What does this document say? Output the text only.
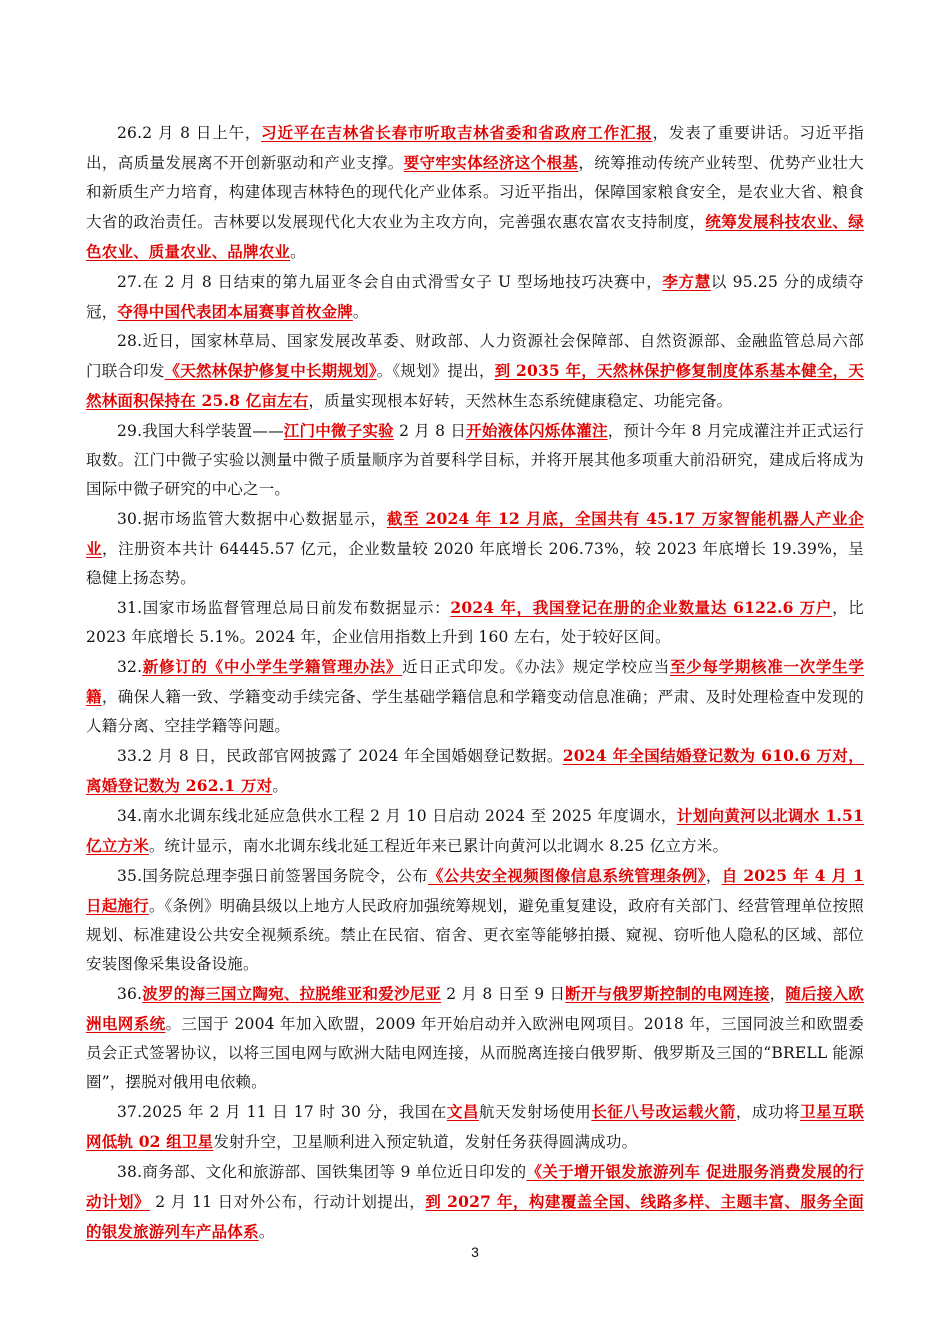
26.2 月 8 日上午，习近平在吉林省长春市听取吉林省委和省政府工作汇报，发表了重要讲话。习近平指出，高质量发展离不开创新驱动和产业支撑。要守牢实体经济这个根基，统筹推动传统产业转型、优势产业壮大和新质生产力培育，构建体现吉林特色的现代化产业体系。习近平指出，保障国家粮食安全，是农业大省、粮食大省的政治责任。吉林要以发展现代化大农业为主攻方向，完善强农惠农富农支持制度，统筹发展科技农业、绿色农业、质量农业、品牌农业。

27.在 2 月 8 日结束的第九届亚冬会自由式滑雪女子 U 型场地技巧决赛中，李方慧以 95.25 分的成绩夺冠，夺得中国代表团本届赛事首枚金牌。

28.近日，国家林草局、国家发展改革委、财政部、人力资源社会保障部、自然资源部、金融监管总局六部门联合印发《天然林保护修复中长期规划》。《规划》提出，到 2035 年，天然林保护修复制度体系基本健全，天然林面积保持在 25.8 亿亩左右，质量实现根本好转，天然林生态系统健康稳定、功能完备。

29.我国大科学装置——江门中微子实验 2 月 8 日开始液体闪烁体灌注，预计今年 8 月完成灌注并正式运行取数。江门中微子实验以测量中微子质量顺序为首要科学目标，并将开展其他多项重大前沿研究，建成后将成为国际中微子研究的中心之一。

30.据市场监管大数据中心数据显示，截至 2024 年 12 月底，全国共有 45.17 万家智能机器人产业企业，注册资本共计 64445.57 亿元，企业数量较 2020 年底增长 206.73%，较 2023 年底增长 19.39%，呈稳健上扬态势。

31.国家市场监督管理总局日前发布数据显示：2024 年，我国登记在册的企业数量达 6122.6 万户，比 2023 年底增长 5.1%。2024 年，企业信用指数上升到 160 左右，处于较好区间。

32.新修订的《中小学生学籍管理办法》近日正式印发。《办法》规定学校应当至少每学期核准一次学生学籍，确保人籍一致、学籍变动手续完备、学生基础学籍信息和学籍变动信息准确；严肃、及时处理检查中发现的人籍分离、空挂学籍等问题。

33.2 月 8 日，民政部官网披露了 2024 年全国婚姻登记数据。2024 年全国结婚登记数为 610.6 万对，离婚登记数为 262.1 万对。

34.南水北调东线北延应急供水工程 2 月 10 日启动 2024 至 2025 年度调水，计划向黄河以北调水 1.51 亿立方米。统计显示，南水北调东线北延工程近年来已累计向黄河以北调水 8.25 亿立方米。

35.国务院总理李强日前签署国务院令，公布《公共安全视频图像信息系统管理条例》，自 2025 年 4 月 1 日起施行。《条例》明确县级以上地方人民政府加强统筹规划，避免重复建设，政府有关部门、经营管理单位按照规划、标准建设公共安全视频系统。禁止在民宿、宿舍、更衣室等能够拍摄、窥视、窃听他人隐私的区域、部位安装图像采集设备设施。

36.波罗的海三国立陶宛、拉脱维亚和爱沙尼亚 2 月 8 日至 9 日断开与俄罗斯控制的电网连接，随后接入欧洲电网系统。三国于 2004 年加入欧盟，2009 年开始启动并入欧洲电网项目。2018 年，三国同波兰和欧盟委员会正式签署协议，以将三国电网与欧洲大陆电网连接，从而脱离连接白俄罗斯、俄罗斯及三国的“BRELL 能源圈”，摆脱对俄用电依赖。

37.2025 年 2 月 11 日 17 时 30 分，我国在文昌航天发射场使用长征八号改运载火箭，成功将卫星互联网低轨 02 组卫星发射升空，卫星顺利进入预定轨道，发射任务获得圆满成功。

38.商务部、文化和旅游部、国铁集团等 9 单位近日印发的《关于增开银发旅游列车 促进服务消费发展的行动计划》 2 月 11 日对外公布，行动计划提出，到 2027 年，构建覆盖全国、线路多样、主题丰富、服务全面的银发旅游列车产品体系。

3
